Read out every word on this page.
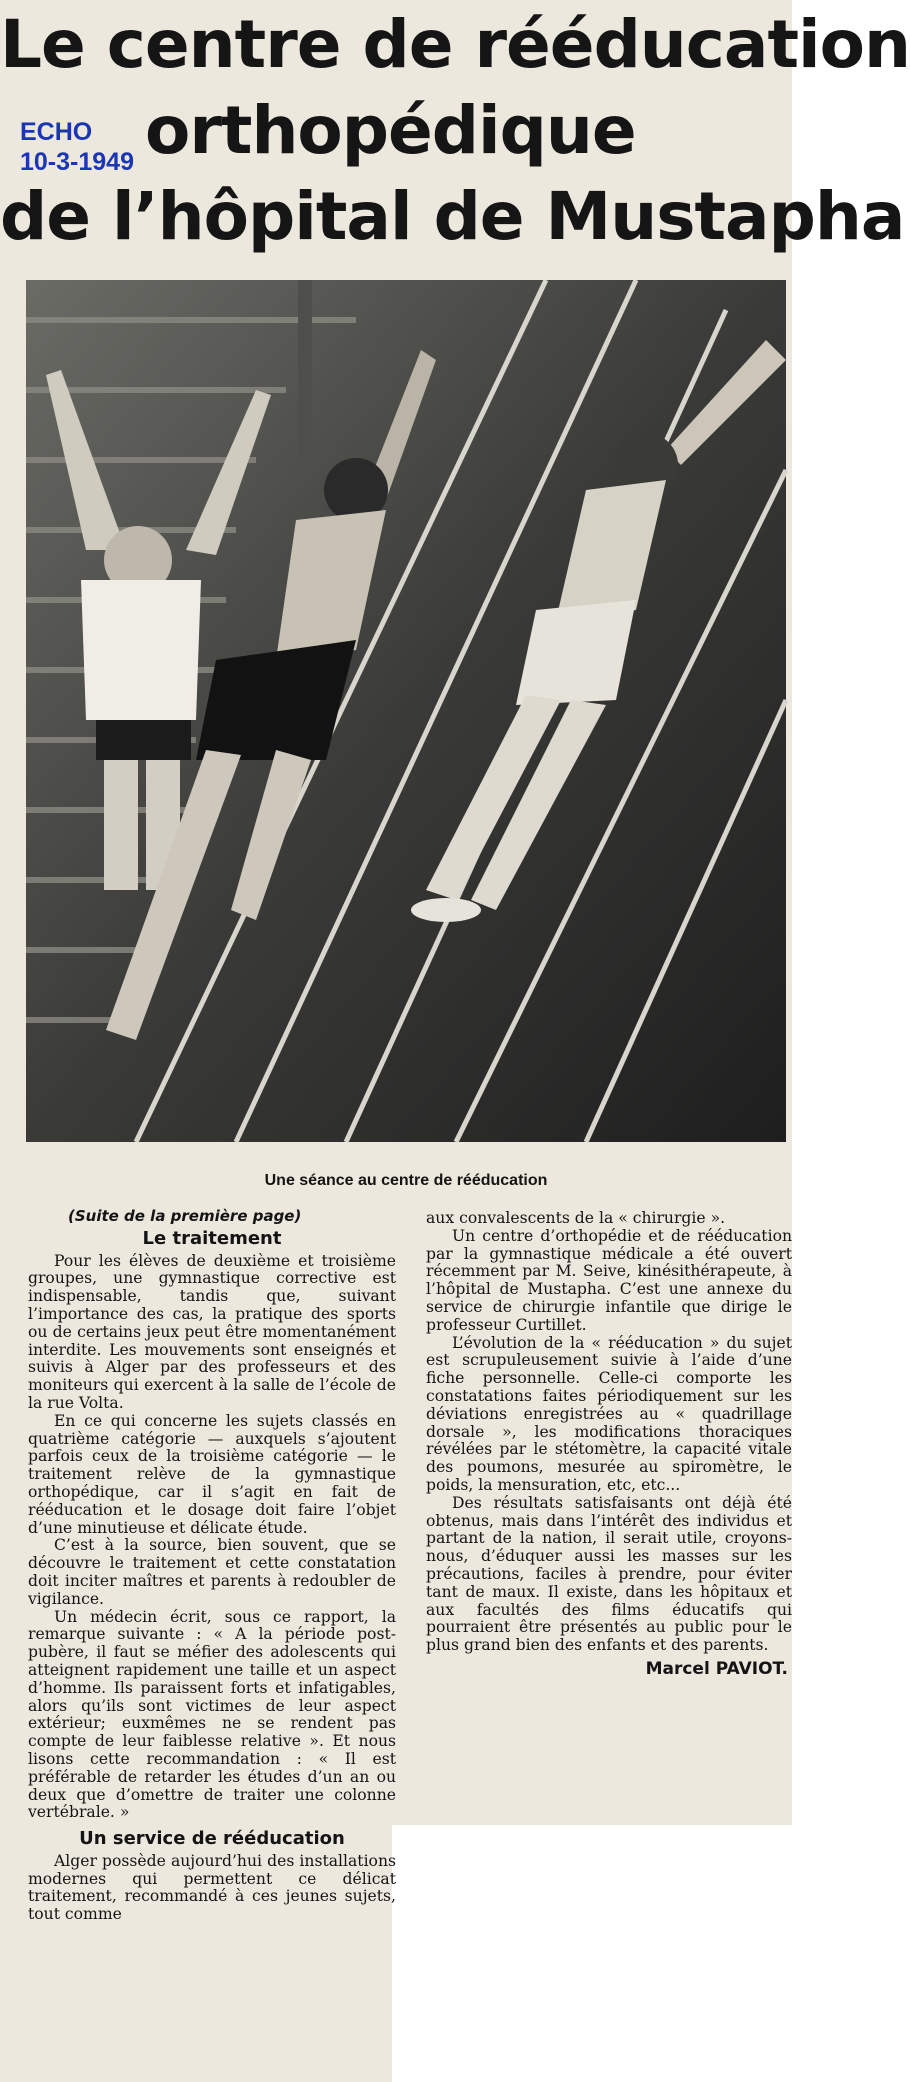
Le centre de rééducation
orthopédique
de l’hôpital de Mustapha
ECHO
10-3-1949
Une séance au centre de rééducation
(Suite de la première page)
Le traitement

Pour les élèves de deuxième et troisième groupes, une gymnastique corrective est indispensable, tandis que, suivant l’importance des cas, la pratique des sports ou de certains jeux peut être momentanément interdite. Les mouvements sont enseignés et suivis à Alger par des professeurs et des moniteurs qui exercent à la salle de l’école de la rue Volta.

En ce qui concerne les sujets classés en quatrième catégorie — auxquels s’ajoutent parfois ceux de la troisième catégorie — le traitement relève de la gymnastique orthopédique, car il s’agit en fait de rééducation et le dosage doit faire l’objet d’une minutieuse et délicate étude.

C’est à la source, bien souvent, que se découvre le traitement et cette constatation doit inciter maîtres et parents à redoubler de vigilance.

Un médecin écrit, sous ce rapport, la remarque suivante : « A la période post-pubère, il faut se méfier des adolescents qui atteignent rapidement une taille et un aspect d’homme. Ils paraissent forts et infatigables, alors qu’ils sont victimes de leur aspect extérieur; euxmêmes ne se rendent pas compte de leur faiblesse relative ». Et nous lisons cette recommandation : « Il est préférable de retarder les études d’un an ou deux que d’omettre de traiter une colonne vertébrale. »

Un service de rééducation

Alger possède aujourd’hui des installations modernes qui permettent ce délicat traitement, recommandé à ces jeunes sujets, tout comme

aux convalescents de la « chirurgie ».

Un centre d’orthopédie et de rééducation par la gymnastique médicale a été ouvert récemment par M. Seive, kinésithérapeute, à l’hôpital de Mustapha. C’est une annexe du service de chirurgie infantile que dirige le professeur Curtillet.

L’évolution de la « rééducation » du sujet est scrupuleusement suivie à l’aide d’une fiche personnelle. Celle-ci comporte les constatations faites périodiquement sur les déviations enregistrées au « quadrillage dorsale », les modifications thoraciques révélées par le stétomètre, la capacité vitale des poumons, mesurée au spiromètre, le poids, la mensuration, etc, etc...

Des résultats satisfaisants ont déjà été obtenus, mais dans l’intérêt des individus et partant de la nation, il serait utile, croyons-nous, d’éduquer aussi les masses sur les précautions, faciles à prendre, pour éviter tant de maux. Il existe, dans les hôpitaux et aux facultés des films éducatifs qui pourraient être présentés au public pour le plus grand bien des enfants et des parents.

Marcel PAVIOT.
